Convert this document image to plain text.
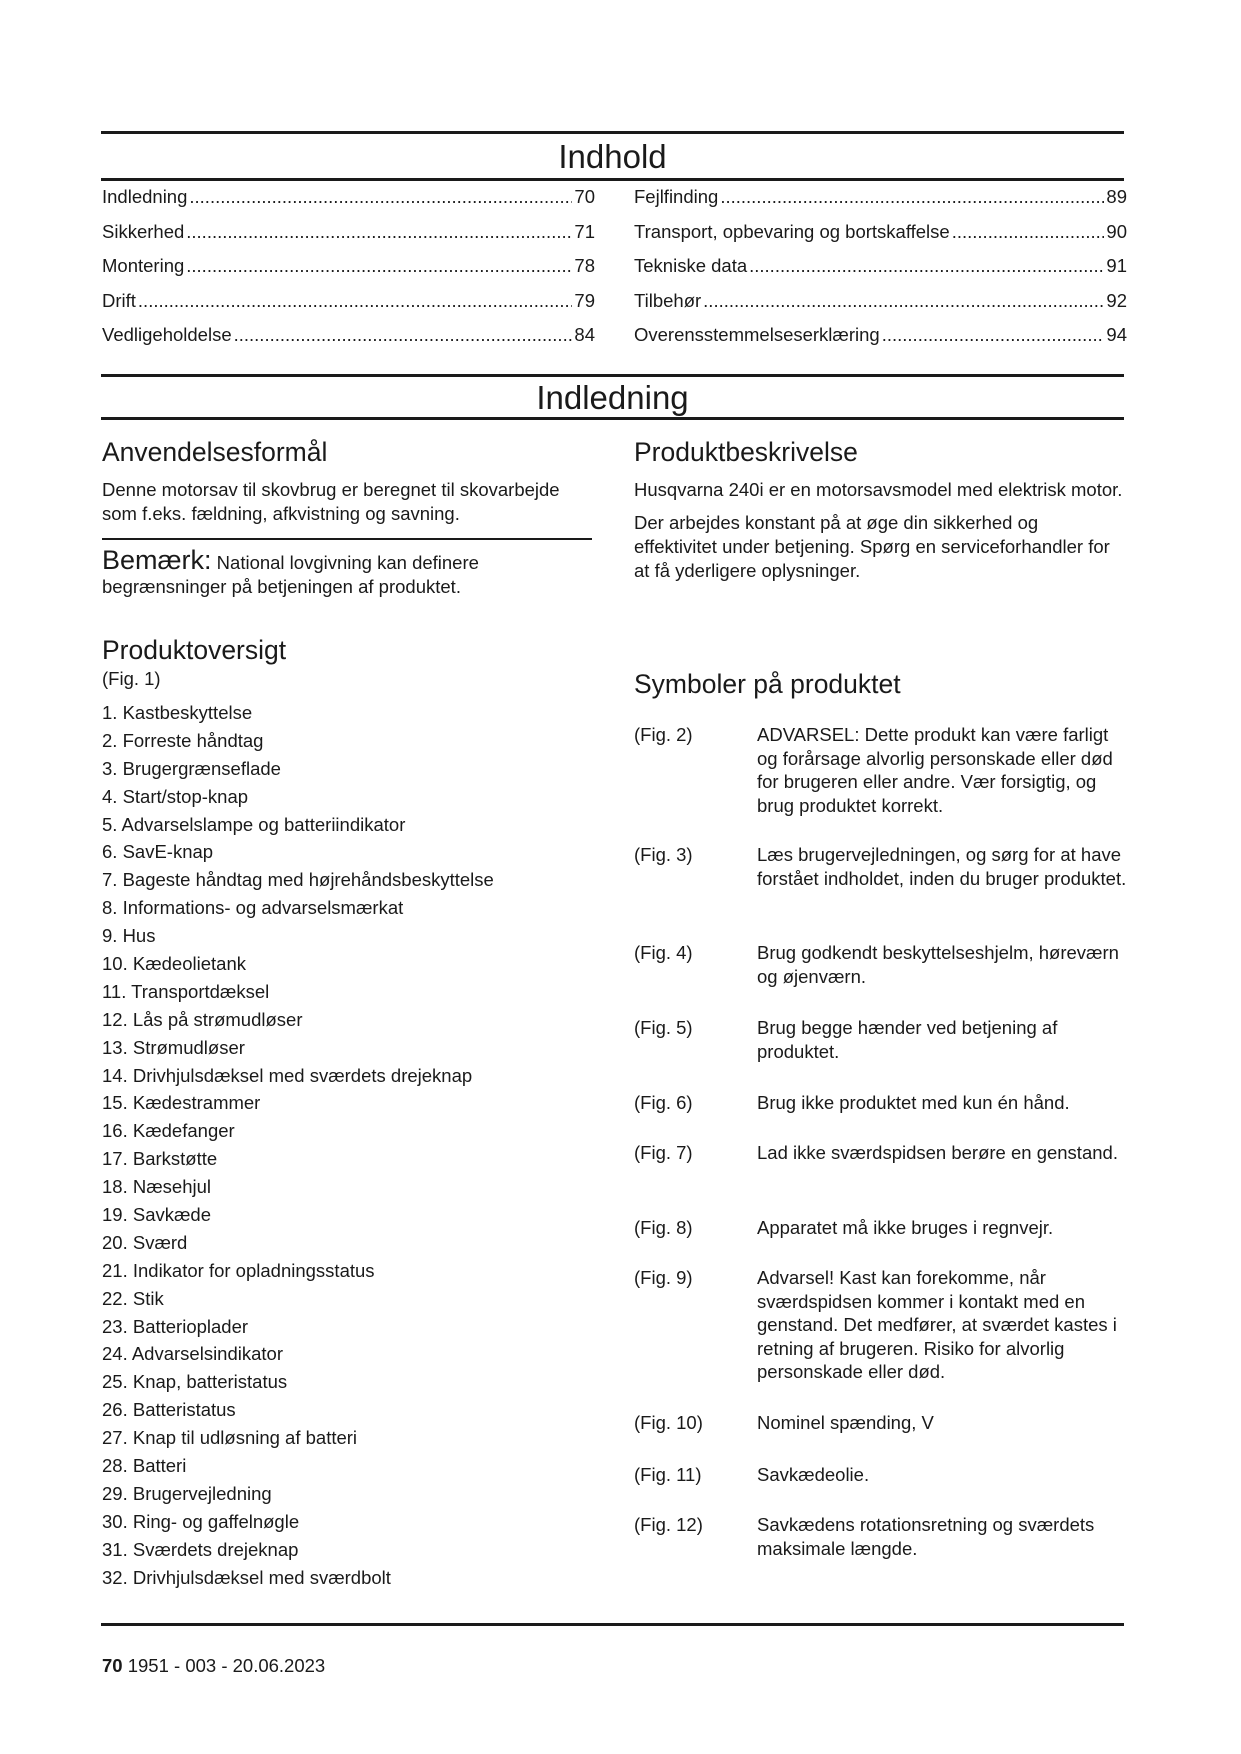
Indhold
Indledning .....	70
Sikkerhed .....	71
Montering .....	78
Drift .....	79
Vedligeholdelse .....	84
Fejlfinding .....	89
Transport, opbevaring og bortskaffelse .....	90
Tekniske data .....	91
Tilbehør .....	92
Overensstemmelseserklæring .....	94
Indledning
Anvendelsesformål

Denne motorsav til skovbrug er beregnet til skovarbejde som f.eks. fældning, afkvistning og savning.

Bemærk: National lovgivning kan definere begrænsninger på betjeningen af produktet.
Produktoversigt

(Fig. 1)

1. Kastbeskyttelse
2. Forreste håndtag
3. Brugergrænseflade
4. Start/stop-knap
5. Advarselslampe og batteriindikator
6. SavE-knap
7. Bageste håndtag med højrehåndsbeskyttelse
8. Informations- og advarselsmærkat
9. Hus
10. Kædeolietank
11. Transportdæksel
12. Lås på strømudløser
13. Strømudløser
14. Drivhjulsdæksel med sværdets drejeknap
15. Kædestrammer
16. Kædefanger
17. Barkstøtte
18. Næsehjul
19. Savkæde
20. Sværd
21. Indikator for opladningsstatus
22. Stik
23. Batterioplader
24. Advarselsindikator
25. Knap, batteristatus
26. Batteristatus
27. Knap til udløsning af batteri
28. Batteri
29. Brugervejledning
30. Ring- og gaffelnøgle
31. Sværdets drejeknap
32. Drivhjulsdæksel med sværdbolt
Produktbeskrivelse

Husqvarna 240i er en motorsavsmodel med elektrisk motor.

Der arbejdes konstant på at øge din sikkerhed og effektivitet under betjening. Spørg en serviceforhandler for at få yderligere oplysninger.

Symboler på produktet
(Fig. 2)	ADVARSEL: Dette produkt kan være farligt og forårsage alvorlig personskade eller død for brugeren eller andre. Vær forsigtig, og brug produktet korrekt.
(Fig. 3)	Læs brugervejledningen, og sørg for at have forstået indholdet, inden du bruger produktet.
(Fig. 4)	Brug godkendt beskyttelseshjelm, høreværn og øjenværn.
(Fig. 5)	Brug begge hænder ved betjening af produktet.
(Fig. 6)	Brug ikke produktet med kun én hånd.
(Fig. 7)	Lad ikke sværdspidsen berøre en genstand.
(Fig. 8)	Apparatet må ikke bruges i regnvejr.
(Fig. 9)	Advarsel! Kast kan forekomme, når sværdspidsen kommer i kontakt med en genstand. Det medfører, at sværdet kastes i retning af brugeren. Risiko for alvorlig personskade eller død.
(Fig. 10)	Nominel spænding, V
(Fig. 11)	Savkædeolie.
(Fig. 12)	Savkædens rotationsretning og sværdets maksimale længde.
70 1951 - 003 - 20.06.2023
